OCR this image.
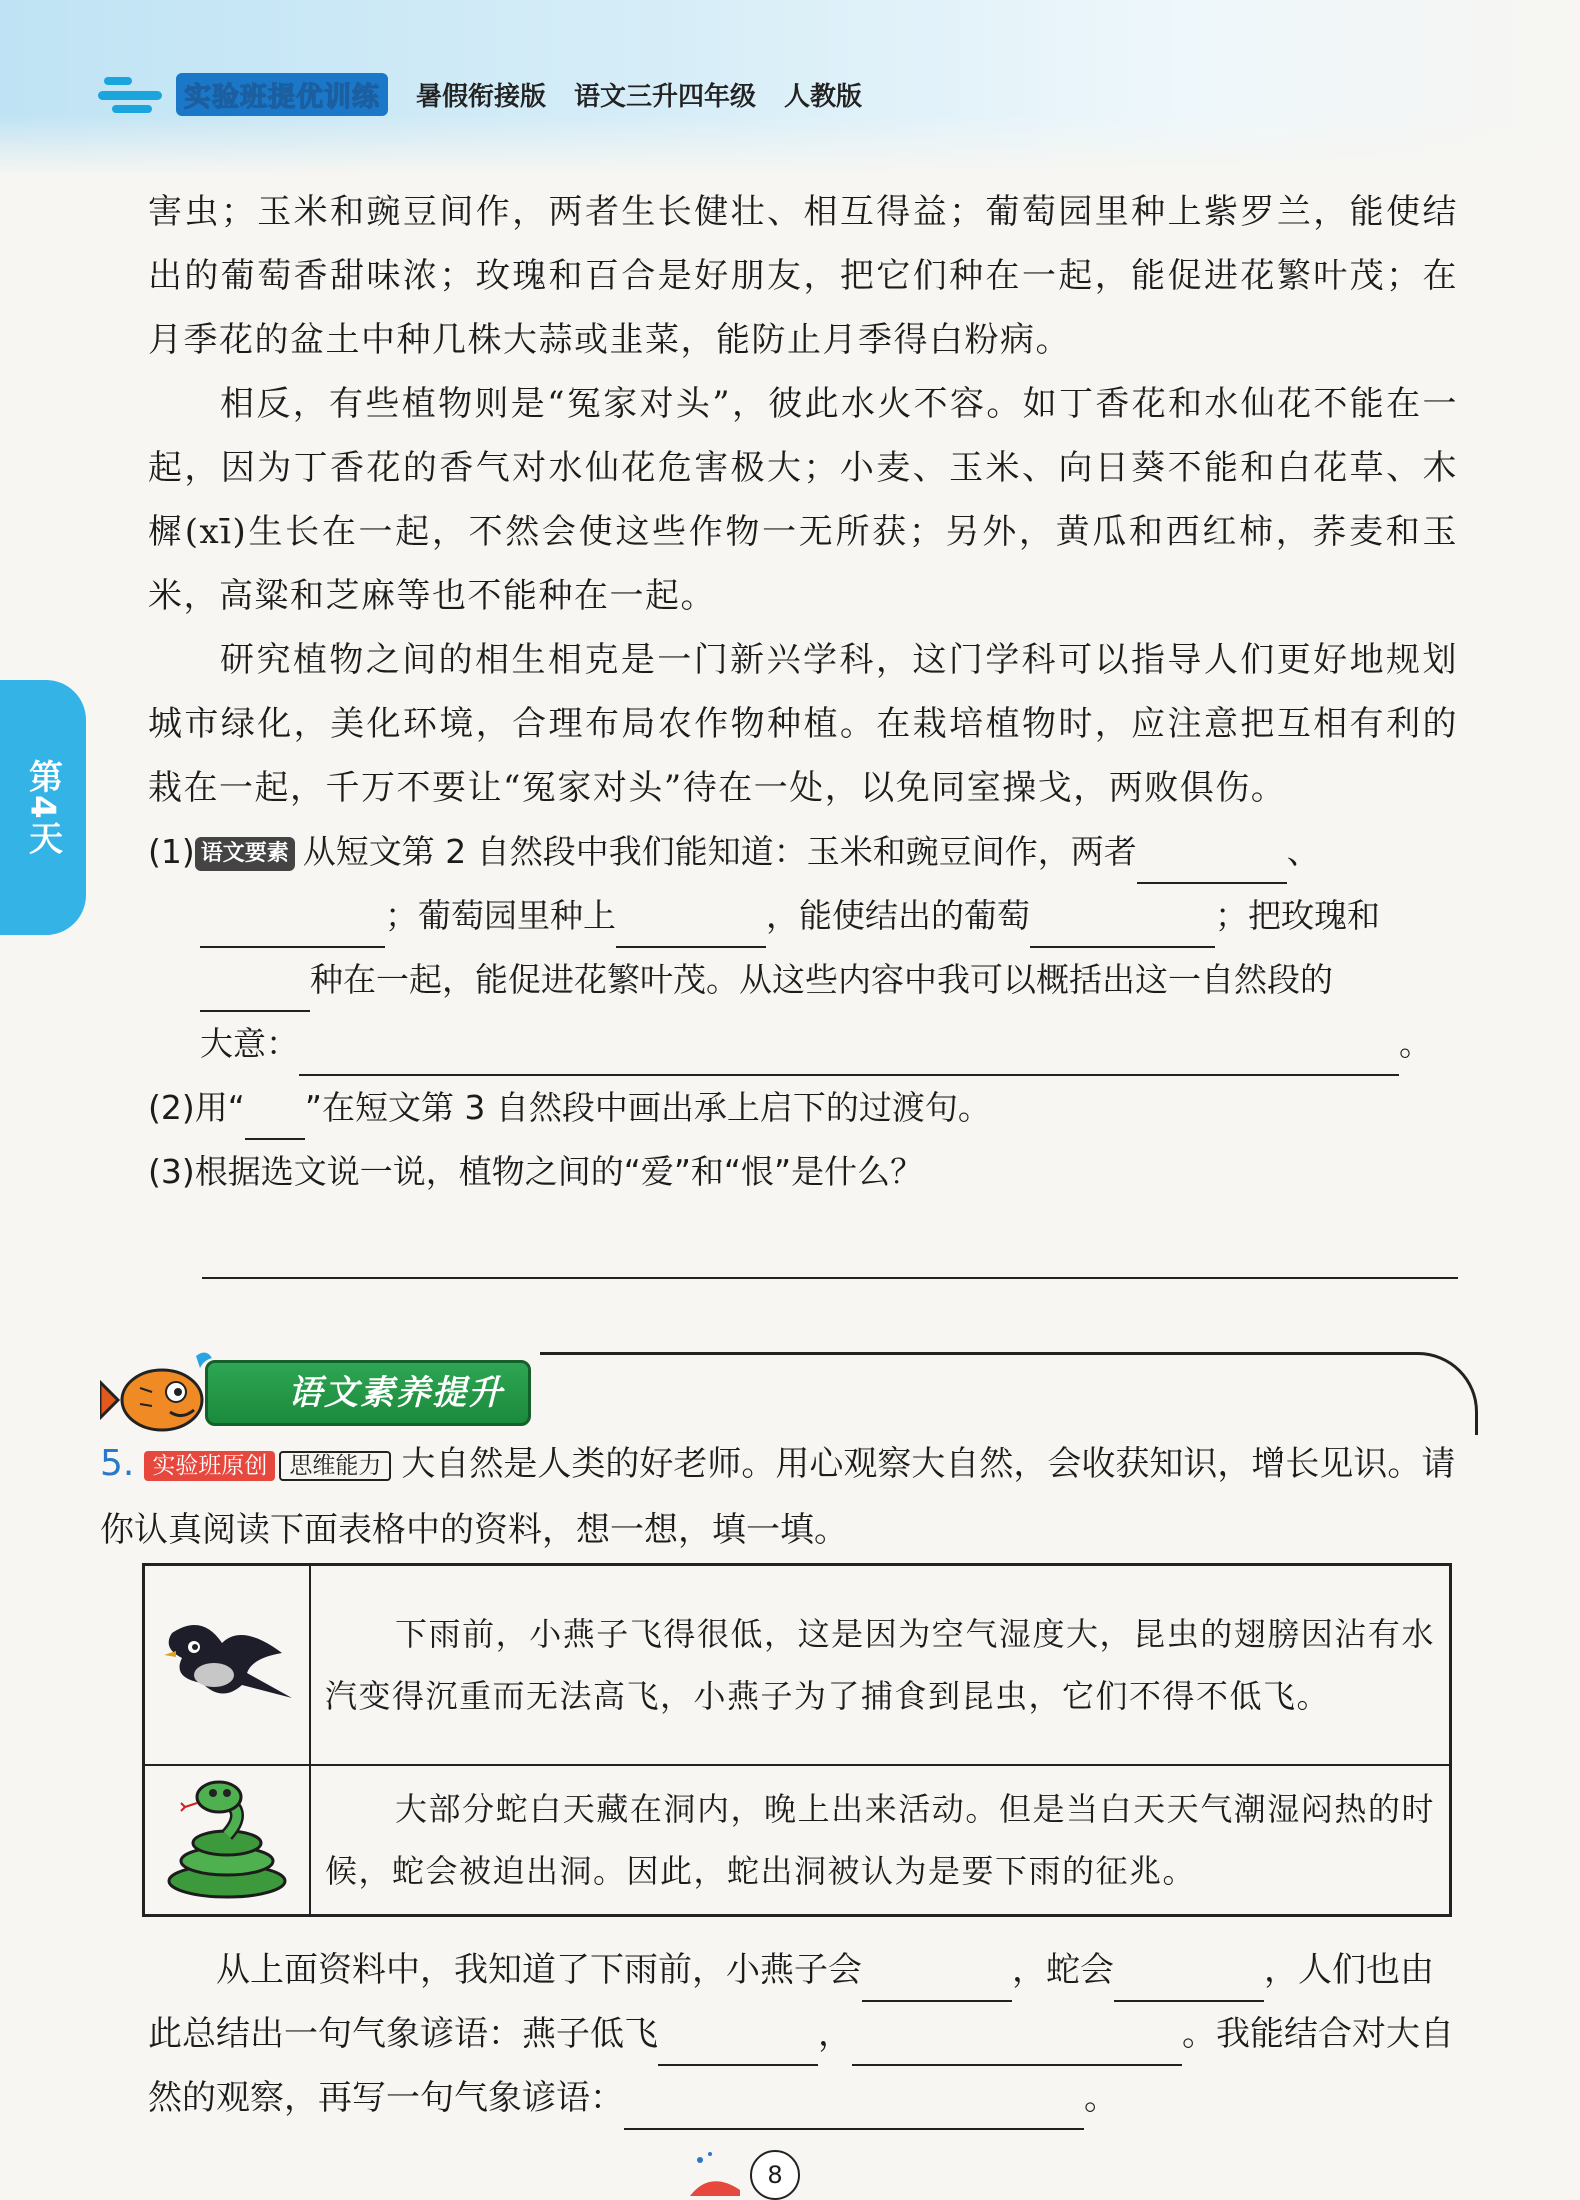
实验班提优训练	暑假衔接版 语文三升四年级 人教版
第4天

害虫；玉米和豌豆间作，两者生长健壮、相互得益；葡萄园里种上紫罗兰，能使结出的葡萄香甜味浓；玫瑰和百合是好朋友，把它们种在一起，能促进花繁叶茂；在月季花的盆土中种几株大蒜或韭菜，能防止月季得白粉病。

相反，有些植物则是“冤家对头”，彼此水火不容。如丁香花和水仙花不能在一起，因为丁香花的香气对水仙花危害极大；小麦、玉米、向日葵不能和白花草、木樨(xī)生长在一起，不然会使这些作物一无所获；另外，黄瓜和西红柿，荞麦和玉米，高粱和芝麻等也不能种在一起。

研究植物之间的相生相克是一门新兴学科，这门学科可以指导人们更好地规划城市绿化，美化环境，合理布局农作物种植。在栽培植物时，应注意把互相有利的栽在一起，千万不要让“冤家对头”待在一处，以免同室操戈，两败俱伤。

(1) 语文要素 从短文第 2 自然段中我们能知道：玉米和豌豆间作，两者	、
；葡萄园里种上	，能使结出的葡萄	；把玫瑰和
种在一起，能促进花繁叶茂。从这些内容中我可以概括出这一自然段的
大意：	。
(2)用“ ”在短文第 3 自然段中画出承上启下的过渡句。
(3)根据选文说一说，植物之间的“爱”和“恨”是什么？
语文素养提升
5. 实验班原创 思维能力 大自然是人类的好老师。用心观察大自然，会收获知识，增长见识。请你认真阅读下面表格中的资料，想一想，填一填。
	下雨前，小燕子飞得很低，这是因为空气湿度大，昆虫的翅膀因沾有水汽变得沉重而无法高飞，小燕子为了捕食到昆虫，它们不得不低飞。
	大部分蛇白天藏在洞内，晚上出来活动。但是当白天天气潮湿闷热的时候，蛇会被迫出洞。因此，蛇出洞被认为是要下雨的征兆。
从上面资料中，我知道了下雨前，小燕子会	，蛇会	，人们也由此总结出一句气象谚语：燕子低飞	，	。我能结合对大自然的观察，再写一句气象谚语：	。
8
